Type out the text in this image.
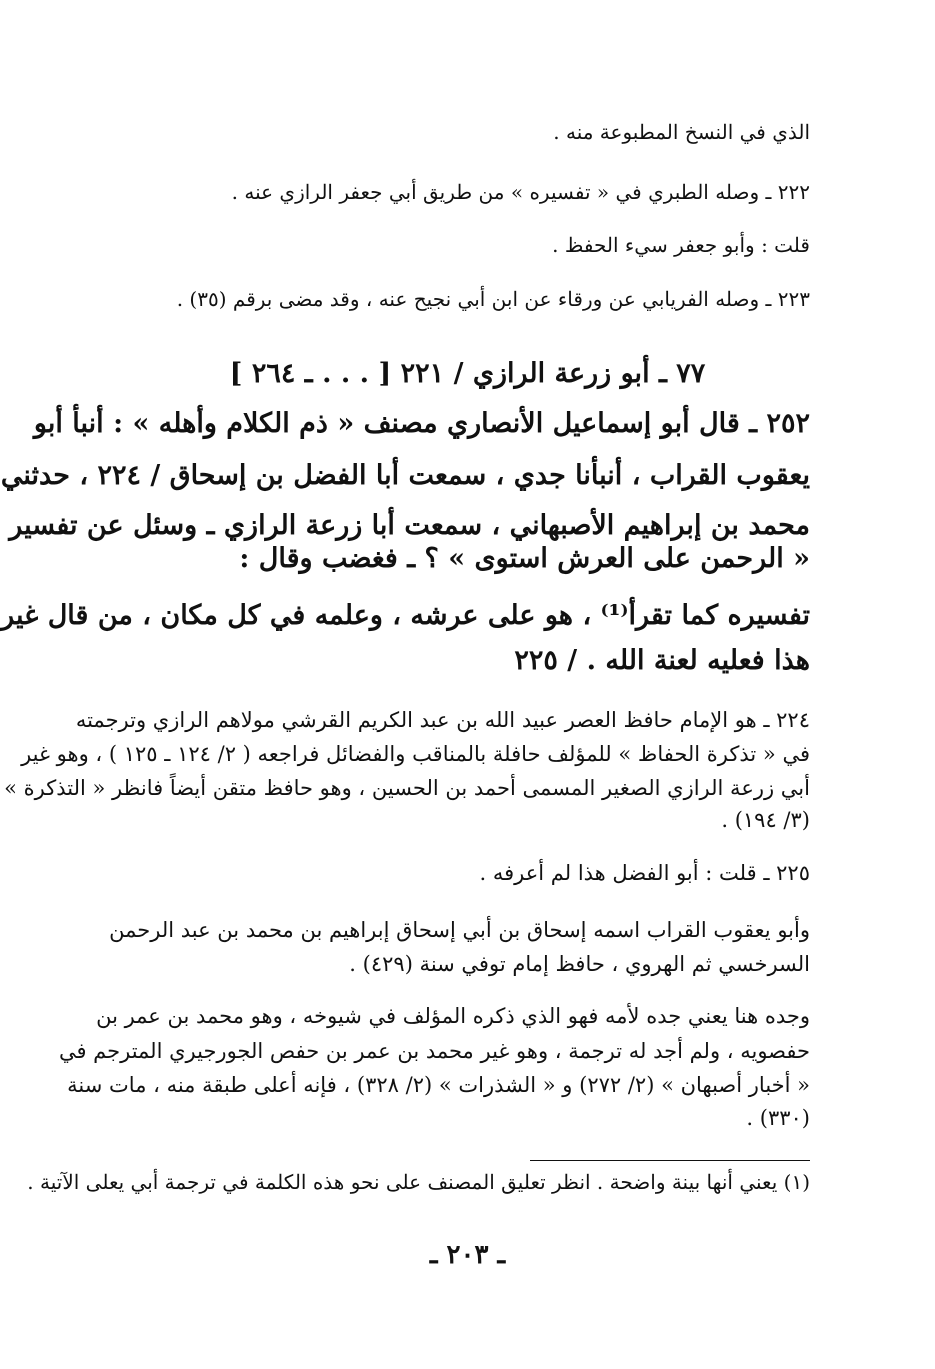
الذي في النسخ المطبوعة منه .
٢٢٢ ـ وصله الطبري في « تفسيره » من طريق أبي جعفر الرازي عنه .
قلت : وأبو جعفر سيء الحفظ .
٢٢٣ ـ وصله الفريابي عن ورقاء عن ابن أبي نجيح عنه ، وقد مضى برقم (٣٥) .
٧٧ ـ أبو زرعة الرازي / ٢٢١ [ . . . ـ ٢٦٤ ]
٢٥٢ ـ قال أبو إسماعيل الأنصاري مصنف « ذم الكلام وأهله » : أنبأ أبو
يعقوب القراب ، أنبأنا جدي ، سمعت أبا الفضل بن إسحاق / ٢٢٤ ، حدثني
محمد بن إبراهيم الأصبهاني ، سمعت أبا زرعة الرازي ـ وسئل عن تفسير
« الرحمن على العرش استوى » ؟ ـ فغضب وقال :
تفسيره كما تقرأ⁽¹⁾ ، هو على عرشه ، وعلمه في كل مكان ، من قال غير
هذا فعليه لعنة الله . / ٢٢٥
٢٢٤ ـ هو الإمام حافظ العصر عبيد الله بن عبد الكريم القرشي مولاهم الرازي وترجمته
في « تذكرة الحفاظ » للمؤلف حافلة بالمناقب والفضائل فراجعه ( ٢/ ١٢٤ ـ ١٢٥ ) ، وهو غير
أبي زرعة الرازي الصغير المسمى أحمد بن الحسين ، وهو حافظ متقن أيضاً فانظر « التذكرة »
(٣/ ١٩٤) .
٢٢٥ ـ قلت : أبو الفضل هذا لم أعرفه .
وأبو يعقوب القراب اسمه إسحاق بن أبي إسحاق إبراهيم بن محمد بن عبد الرحمن
السرخسي ثم الهروي ، حافظ إمام توفي سنة (٤٢٩) .
وجده هنا يعني جده لأمه فهو الذي ذكره المؤلف في شيوخه ، وهو محمد بن عمر بن
حفصويه ، ولم أجد له ترجمة ، وهو غير محمد بن عمر بن حفص الجورجيري المترجم في
« أخبار أصبهان » (٢/ ٢٧٢) و « الشذرات » (٢/ ٣٢٨) ، فإنه أعلى طبقة منه ، مات سنة
(٣٣٠) .
(١) يعني أنها بينة واضحة . انظر تعليق المصنف على نحو هذه الكلمة في ترجمة أبي يعلى الآتية .
ـ ٢٠٣ ـ
